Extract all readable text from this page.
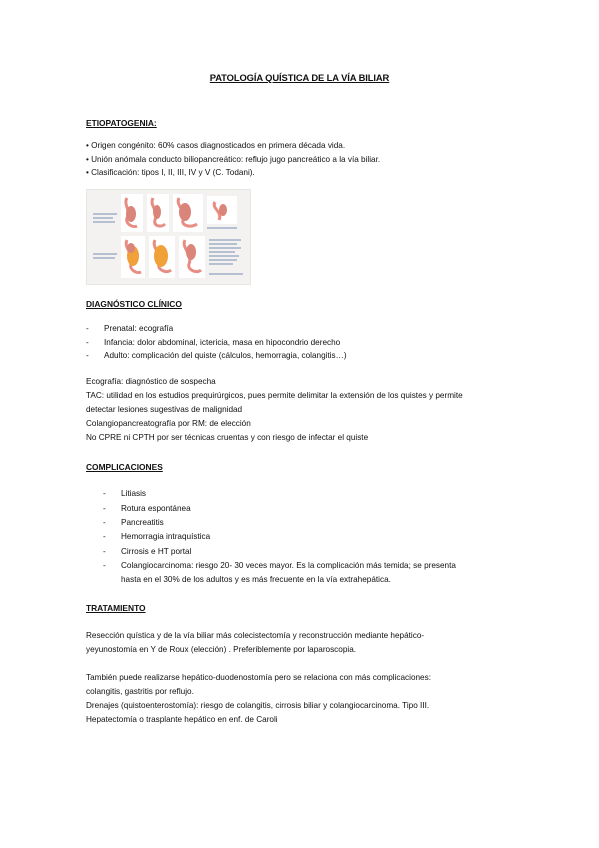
PATOLOGÍA QUÍSTICA DE LA VÍA BILIAR
ETIOPATOGENIA:
• Origen congénito: 60% casos diagnosticados en primera década vida.
• Unión anómala conducto biliopancreático: reflujo jugo pancreático a la vía biliar.
• Clasificación: tipos I, II, III, IV y V (C. Todani).
DIAGNÓSTICO CLÍNICO
- Prenatal: ecografía
- Infancia: dolor abdominal, ictericia, masa en hipocondrio derecho
- Adulto: complicación del quiste (cálculos, hemorragia, colangitis…)
Ecografía: diagnóstico de sospecha
TAC: utilidad en los estudios prequirúrgicos, pues permite delimitar la extensión de los quistes y permite
detectar lesiones sugestivas de malignidad
Colangiopancreatografía por RM: de elección
No CPRE ni CPTH por ser técnicas cruentas y con riesgo de infectar el quiste
COMPLICACIONES
- Litiasis
- Rotura espontánea
- Pancreatitis
- Hemorragia intraquística
- Cirrosis e HT portal
- Colangiocarcinoma: riesgo 20- 30 veces mayor. Es la complicación más temida; se presenta
hasta en el 30% de los adultos y es más frecuente en la vía extrahepática.
TRATAMIENTO
Resección quística y de la vía biliar más colecistectomía y reconstrucción mediante hepático-
yeyunostomía en Y de Roux (elección) . Preferiblemente por laparoscopia.
También puede realizarse hepático-duodenostomía pero se relaciona con más complicaciones:
colangitis, gastritis por reflujo.
Drenajes (quistoenterostomía): riesgo de colangitis, cirrosis biliar y colangiocarcinoma. Tipo III.
Hepatectomía o trasplante hepático en enf. de Caroli
